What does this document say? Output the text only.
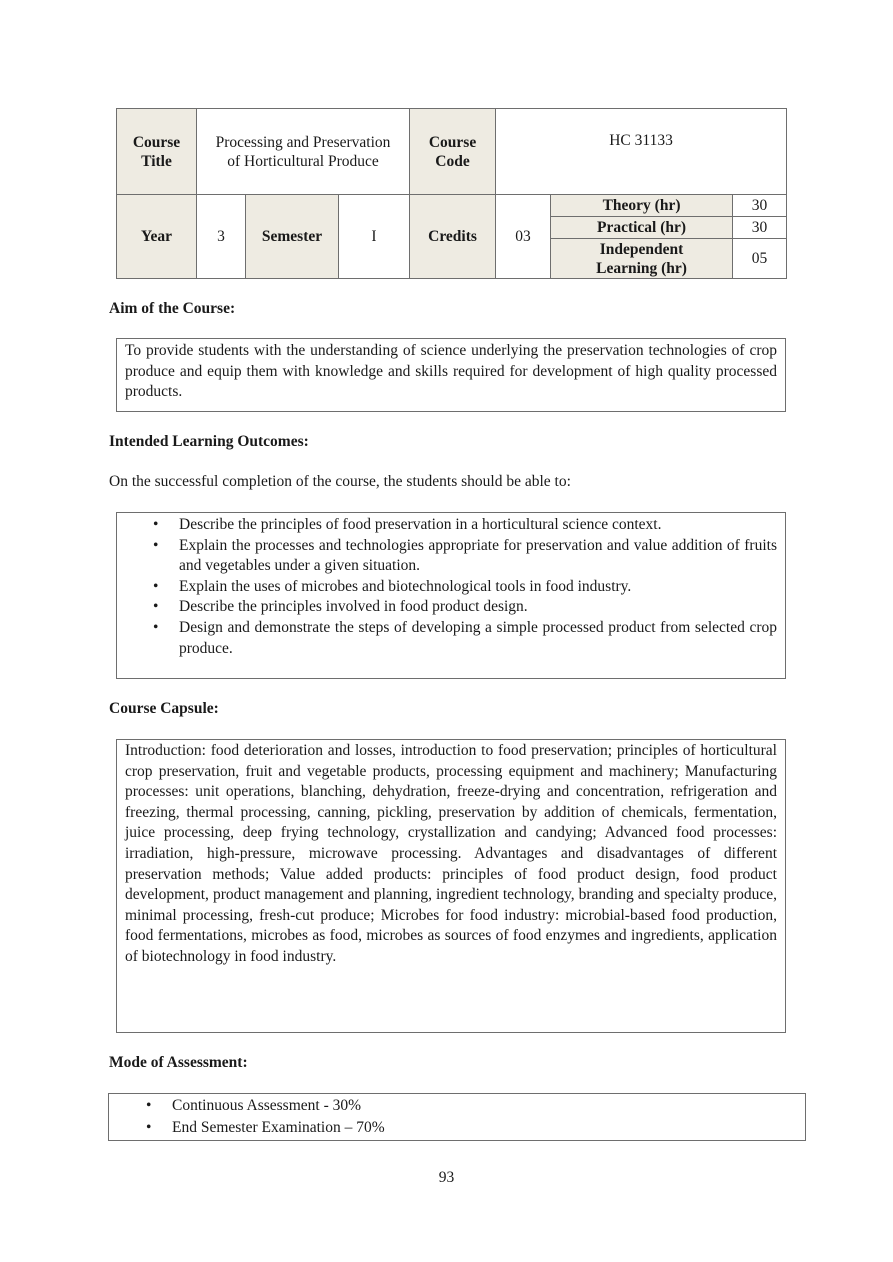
Course Title	Processing and Preservation of Horticultural Produce			Course Code	HC 31133		
Year	3	Semester	I	Credits	03	Theory (hr)	30
						Practical (hr)	30
						Independent Learning (hr)	05
Aim of the Course:

To provide students with the understanding of science underlying the preservation technologies of crop produce and equip them with knowledge and skills required for development of high quality processed products.

Intended Learning Outcomes:
On the successful completion of the course, the students should be able to:
• Describe the principles of food preservation in a horticultural science context.
• Explain the processes and technologies appropriate for preservation and value addition of fruits and vegetables under a given situation.
• Explain the uses of microbes and biotechnological tools in food industry.
• Describe the principles involved in food product design.
• Design and demonstrate the steps of developing a simple processed product from selected crop produce.
Course Capsule:

Introduction: food deterioration and losses, introduction to food preservation; principles of horticultural crop preservation, fruit and vegetable products, processing equipment and machinery; Manufacturing processes: unit operations, blanching, dehydration, freeze-drying and concentration, refrigeration and freezing, thermal processing, canning, pickling, preservation by addition of chemicals, fermentation, juice processing, deep frying technology, crystallization and candying; Advanced food processes: irradiation, high-pressure, microwave processing. Advantages and disadvantages of different preservation methods; Value added products: principles of food product design, food product development, product management and planning, ingredient technology, branding and specialty produce, minimal processing, fresh-cut produce; Microbes for food industry: microbial-based food production, food fermentations, microbes as food, microbes as sources of food enzymes and ingredients, application of biotechnology in food industry.

Mode of Assessment:
• Continuous Assessment - 30%
• End Semester Examination – 70%
93
